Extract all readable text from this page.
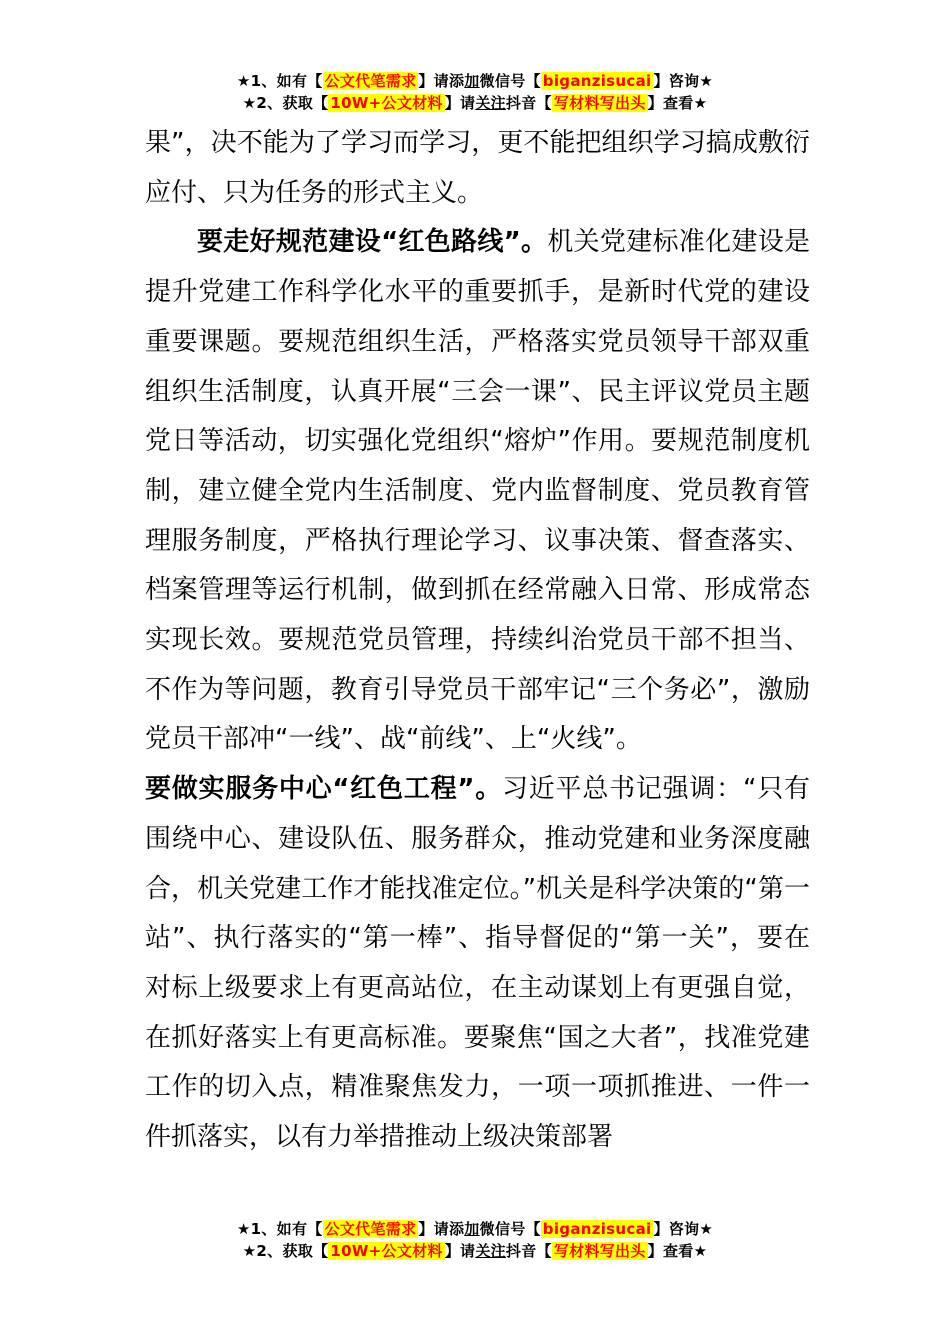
★1、如有【 公文代笔需求 】请添加微信号【 biganzisucai 】咨询★
★2、获取【 10W+公文材料 】请关注抖音【 写材料写出头 】查看★

果”，决不能为了学习而学习，更不能把组织学习搞成敷衍应付、只为任务的形式主义。

要走好规范建设“红色路线”。机关党建标准化建设是提升党建工作科学化水平的重要抓手，是新时代党的建设重要课题。要规范组织生活，严格落实党员领导干部双重组织生活制度，认真开展“三会一课”、民主评议党员主题党日等活动，切实强化党组织“熔炉”作用。要规范制度机制，建立健全党内生活制度、党内监督制度、党员教育管理服务制度，严格执行理论学习、议事决策、督查落实、档案管理等运行机制，做到抓在经常融入日常、形成常态实现长效。要规范党员管理，持续纠治党员干部不担当、不作为等问题，教育引导党员干部牢记“三个务必”，激励党员干部冲“一线”、战“前线”、上“火线”。

要做实服务中心“红色工程”。习近平总书记强调：“只有围绕中心、建设队伍、服务群众，推动党建和业务深度融合，机关党建工作才能找准定位。”机关是科学决策的“第一站”、执行落实的“第一棒”、指导督促的“第一关”，要在对标上级要求上有更高站位，在主动谋划上有更强自觉，在抓好落实上有更高标准。要聚焦“国之大者”，找准党建工作的切入点，精准聚焦发力，一项一项抓推进、一件一件抓落实，以有力举措推动上级决策部署

★1、如有【 公文代笔需求 】请添加微信号【 biganzisucai 】咨询★
★2、获取【 10W+公文材料 】请关注抖音【 写材料写出头 】查看★
